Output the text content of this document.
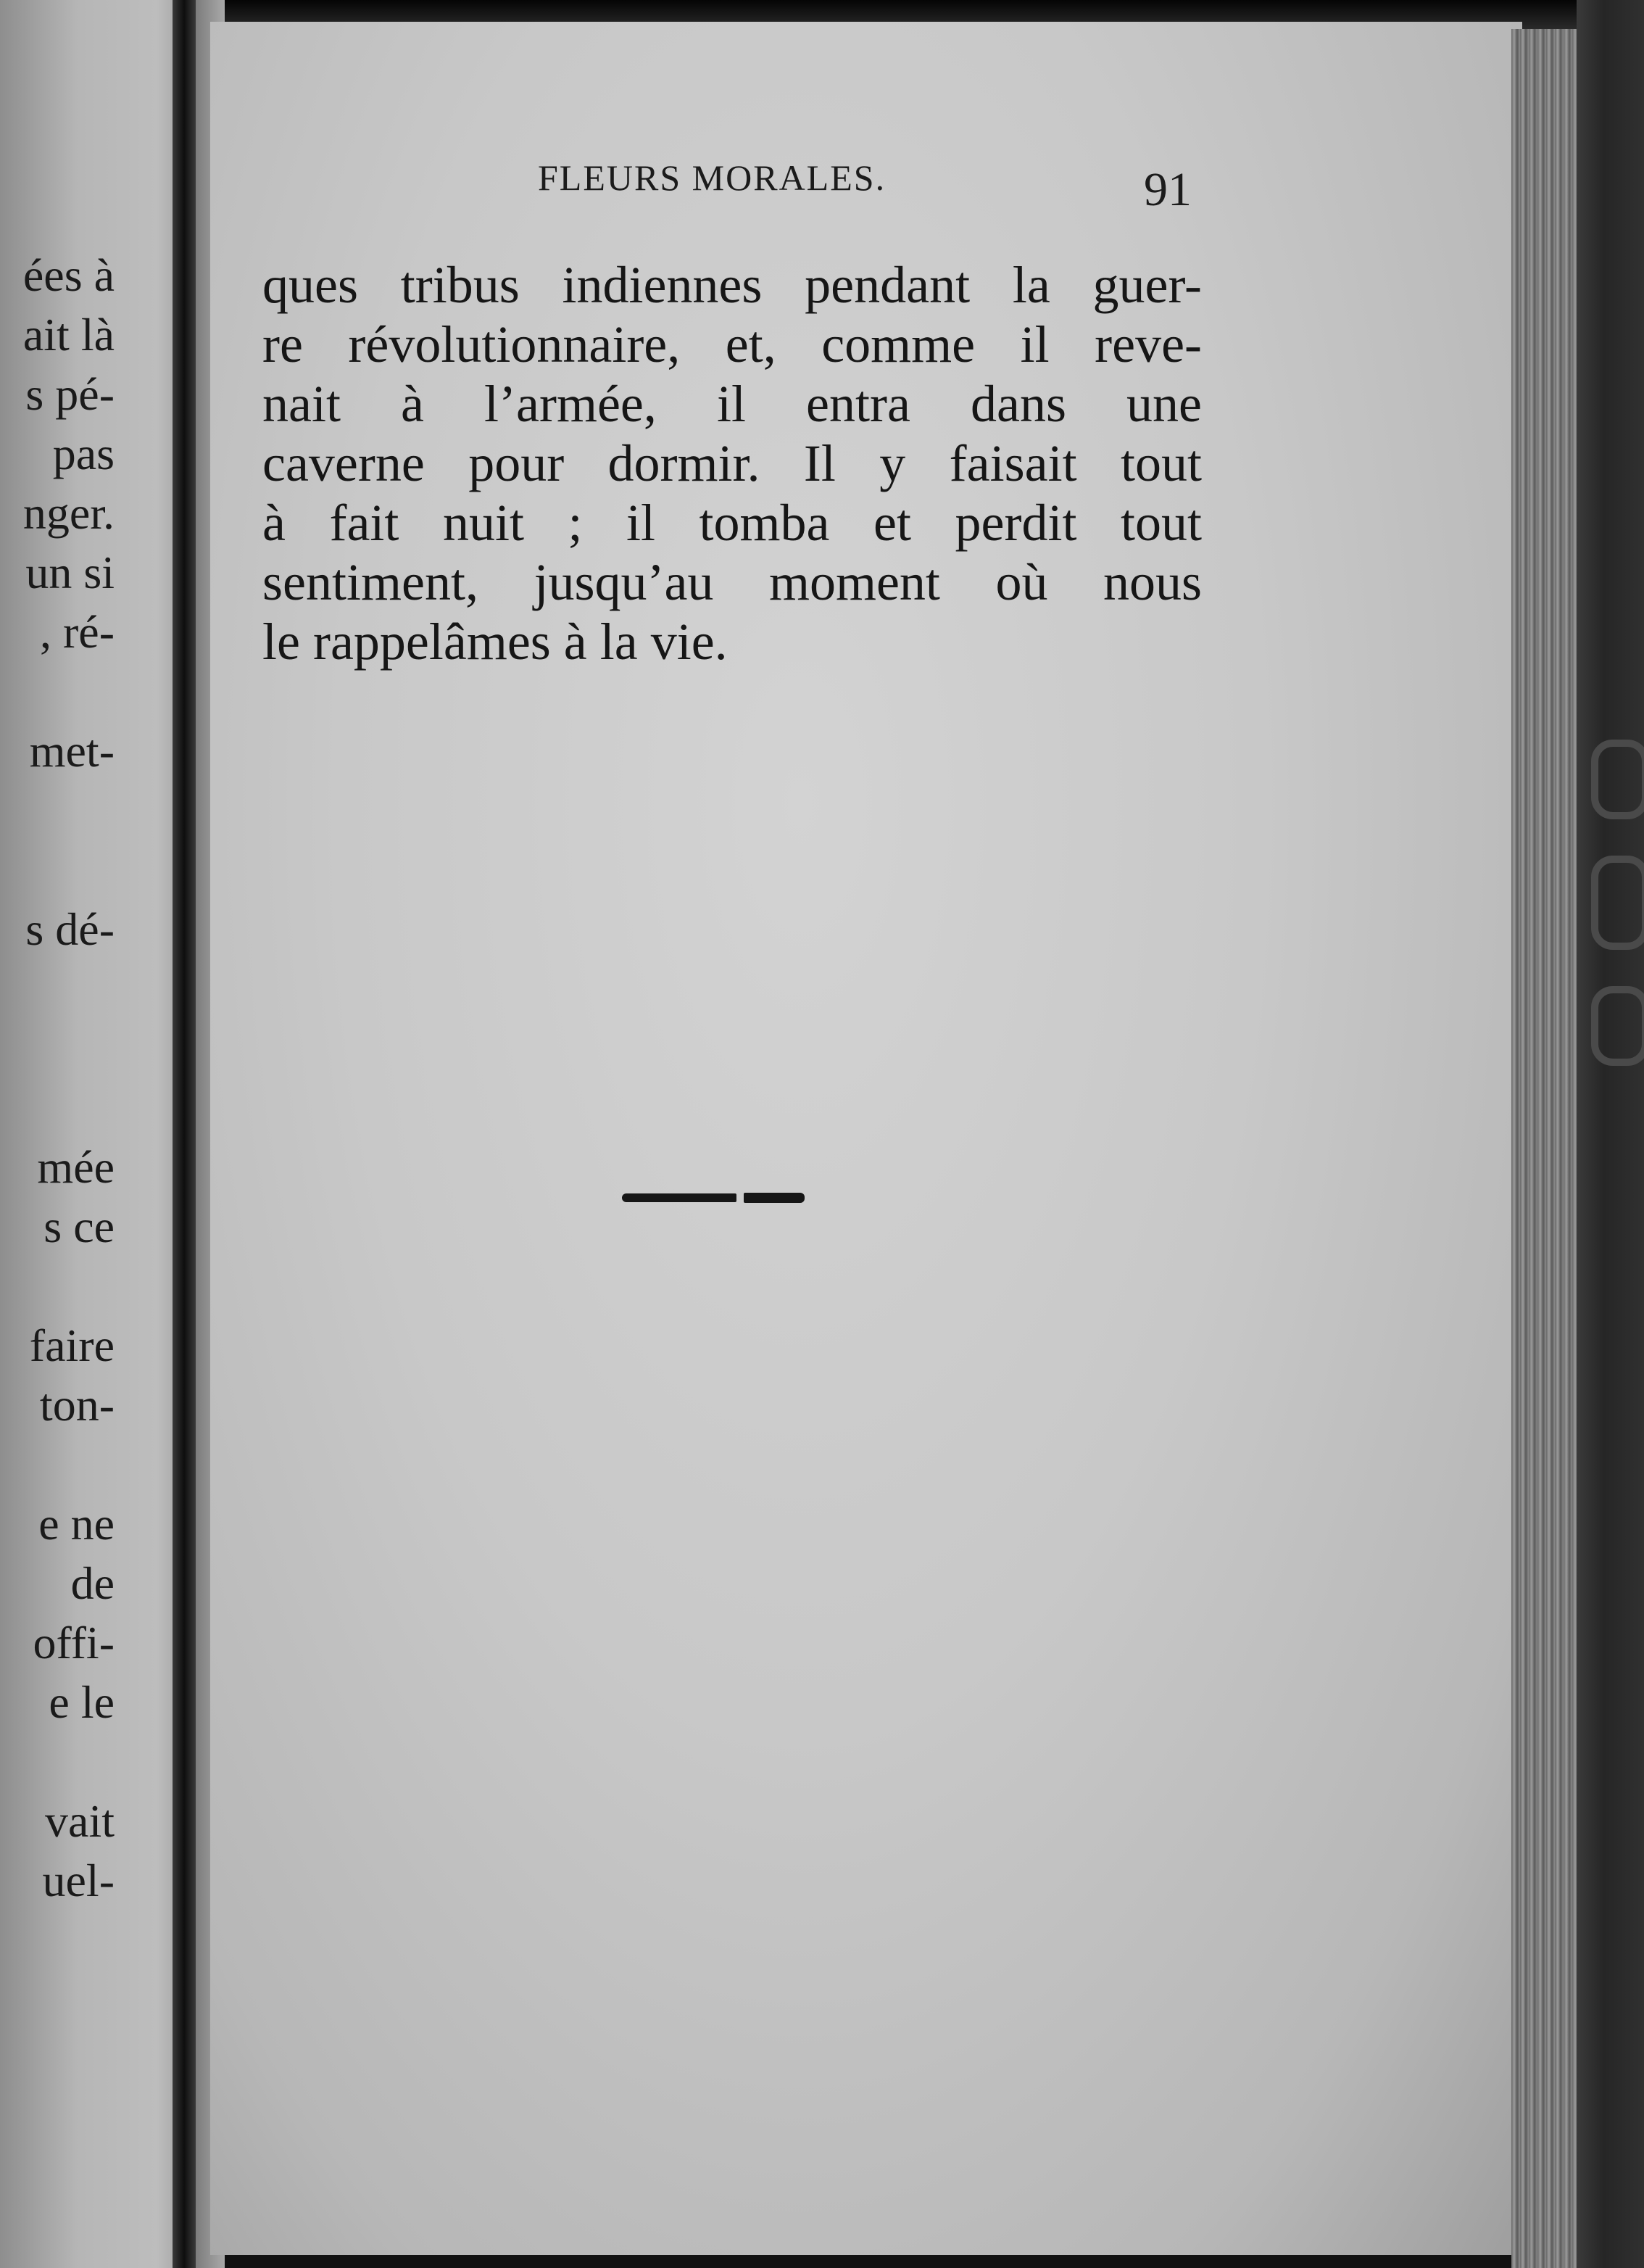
ées à
ait là
s pé-
pas
nger.
un si
, ré-
met-
s dé-
mée
s ce
faire
ton-
e ne
de
offi-
e le
vait
uel-
FLEURS MORALES.	91
ques tribus indiennes pendant la guer-
re révolutionnaire, et, comme il reve-
nait à l’armée, il entra dans une
caverne pour dormir. Il y faisait tout
à fait nuit ; il tomba et perdit tout
sentiment, jusqu’au moment où nous
le rappelâmes à la vie.
